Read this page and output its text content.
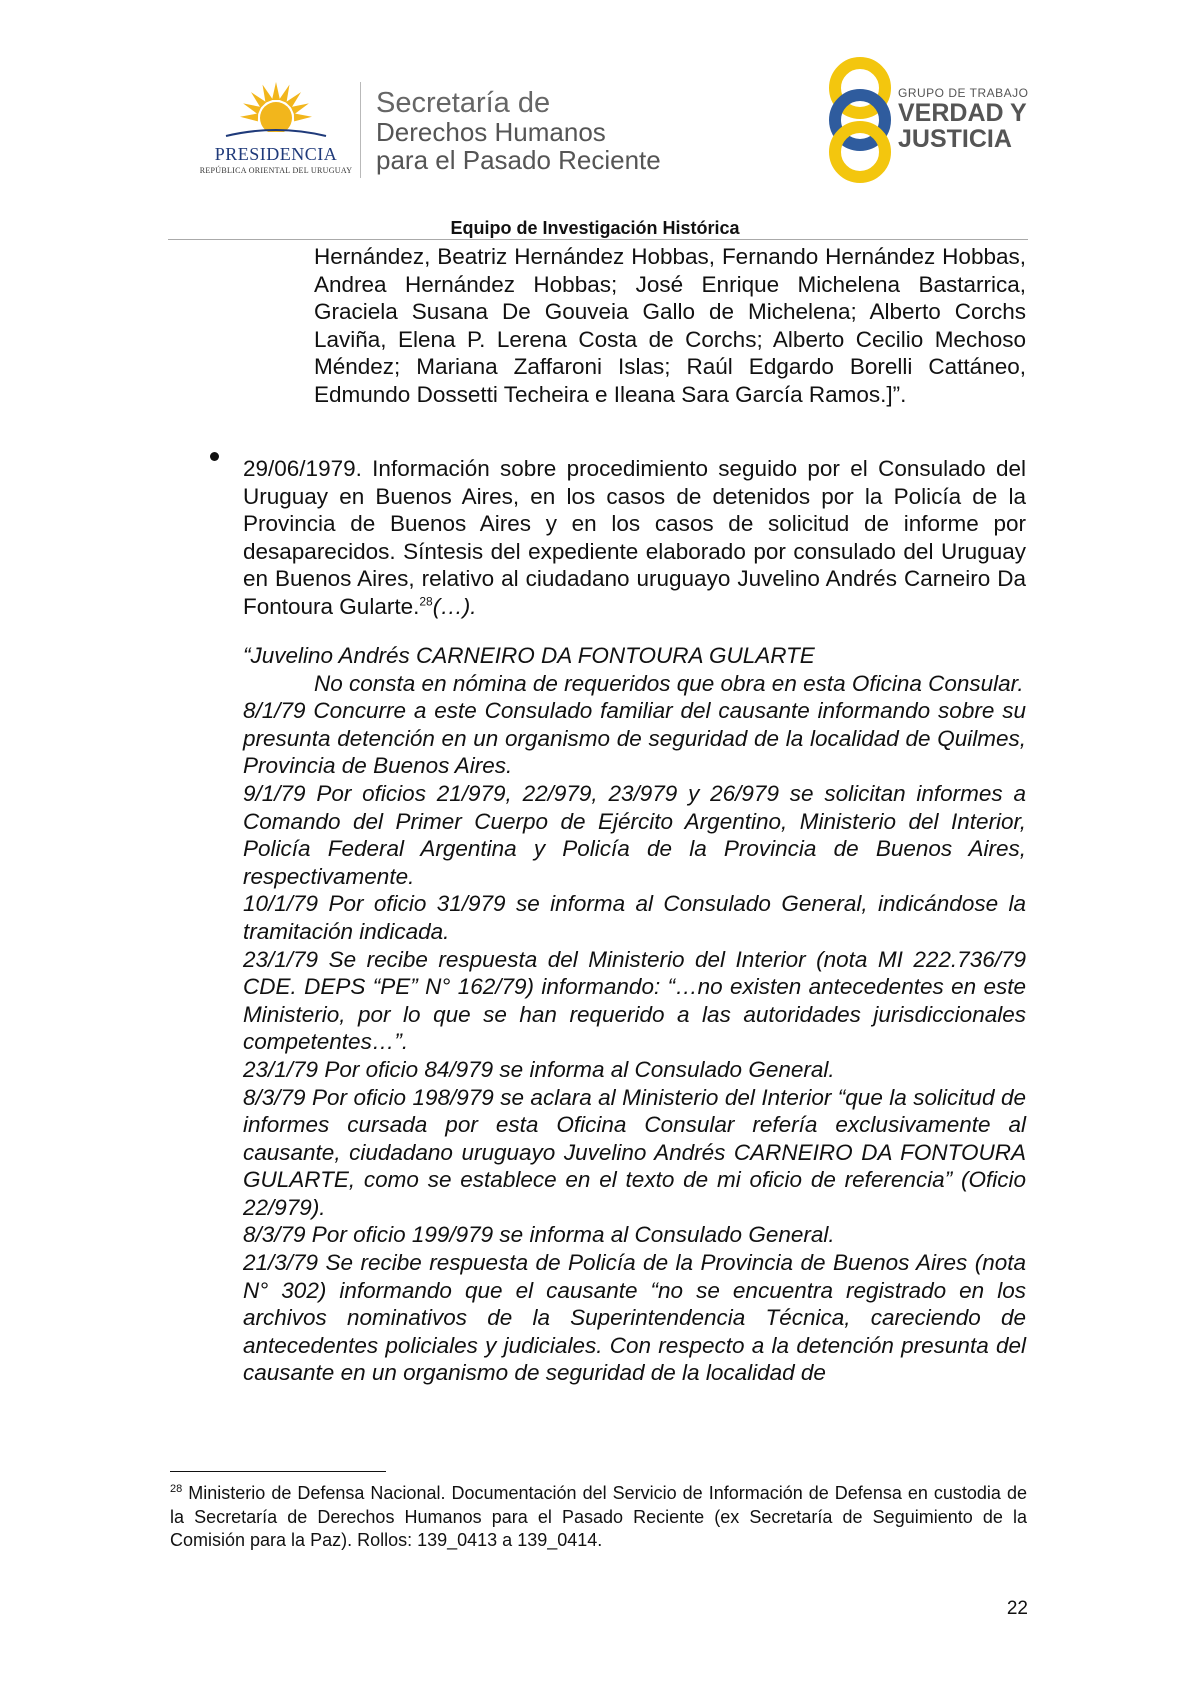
PRESIDENCIA
REPÚBLICA ORIENTAL DEL URUGUAY
Secretaría de
Derechos Humanos
para el Pasado Reciente
GRUPO DE TRABAJO
VERDAD Y
JUSTICIA
Equipo de Investigación Histórica
Hernández, Beatriz Hernández Hobbas, Fernando Hernández Hobbas, Andrea Hernández Hobbas; José Enrique Michelena Bastarrica, Graciela Susana De Gouveia Gallo de Michelena; Alberto Corchs Laviña, Elena P. Lerena Costa de Corchs; Alberto Cecilio Mechoso Méndez; Mariana Zaffaroni Islas; Raúl Edgardo Borelli Cattáneo, Edmundo Dossetti Techeira e Ileana Sara García Ramos.]”.
29/06/1979. Información sobre procedimiento seguido por el Consulado del Uruguay en Buenos Aires, en los casos de detenidos por la Policía de la Provincia de Buenos Aires y en los casos de solicitud de informe por desaparecidos. Síntesis del expediente elaborado por consulado del Uruguay en Buenos Aires, relativo al ciudadano uruguayo Juvelino Andrés Carneiro Da Fontoura Gularte.$^{28}$(…).

“Juvelino Andrés CARNEIRO DA FONTOURA GULARTE

No consta en nómina de requeridos que obra en esta Oficina Consular.

8/1/79 Concurre a este Consulado familiar del causante informando sobre su presunta detención en un organismo de seguridad de la localidad de Quilmes, Provincia de Buenos Aires.

9/1/79 Por oficios 21/979, 22/979, 23/979 y 26/979 se solicitan informes a Comando del Primer Cuerpo de Ejército Argentino, Ministerio del Interior, Policía Federal Argentina y Policía de la Provincia de Buenos Aires, respectivamente.

10/1/79 Por oficio 31/979 se informa al Consulado General, indicándose la tramitación indicada.

23/1/79 Se recibe respuesta del Ministerio del Interior (nota MI 222.736/79 CDE. DEPS “PE” N° 162/79) informando: “…no existen antecedentes en este Ministerio, por lo que se han requerido a las autoridades jurisdiccionales competentes…”.

23/1/79 Por oficio 84/979 se informa al Consulado General.

8/3/79 Por oficio 198/979 se aclara al Ministerio del Interior “que la solicitud de informes cursada por esta Oficina Consular refería exclusivamente al causante, ciudadano uruguayo Juvelino Andrés CARNEIRO DA FONTOURA GULARTE, como se establece en el texto de mi oficio de referencia” (Oficio 22/979).

8/3/79 Por oficio 199/979 se informa al Consulado General.

21/3/79 Se recibe respuesta de Policía de la Provincia de Buenos Aires (nota N° 302) informando que el causante “no se encuentra registrado en los archivos nominativos de la Superintendencia Técnica, careciendo de antecedentes policiales y judiciales. Con respecto a la detención presunta del causante en un organismo de seguridad de la localidad de

$^{28}$ Ministerio de Defensa Nacional. Documentación del Servicio de Información de Defensa en custodia de la Secretaría de Derechos Humanos para el Pasado Reciente (ex Secretaría de Seguimiento de la Comisión para la Paz). Rollos: 139_0413 a 139_0414.
22
